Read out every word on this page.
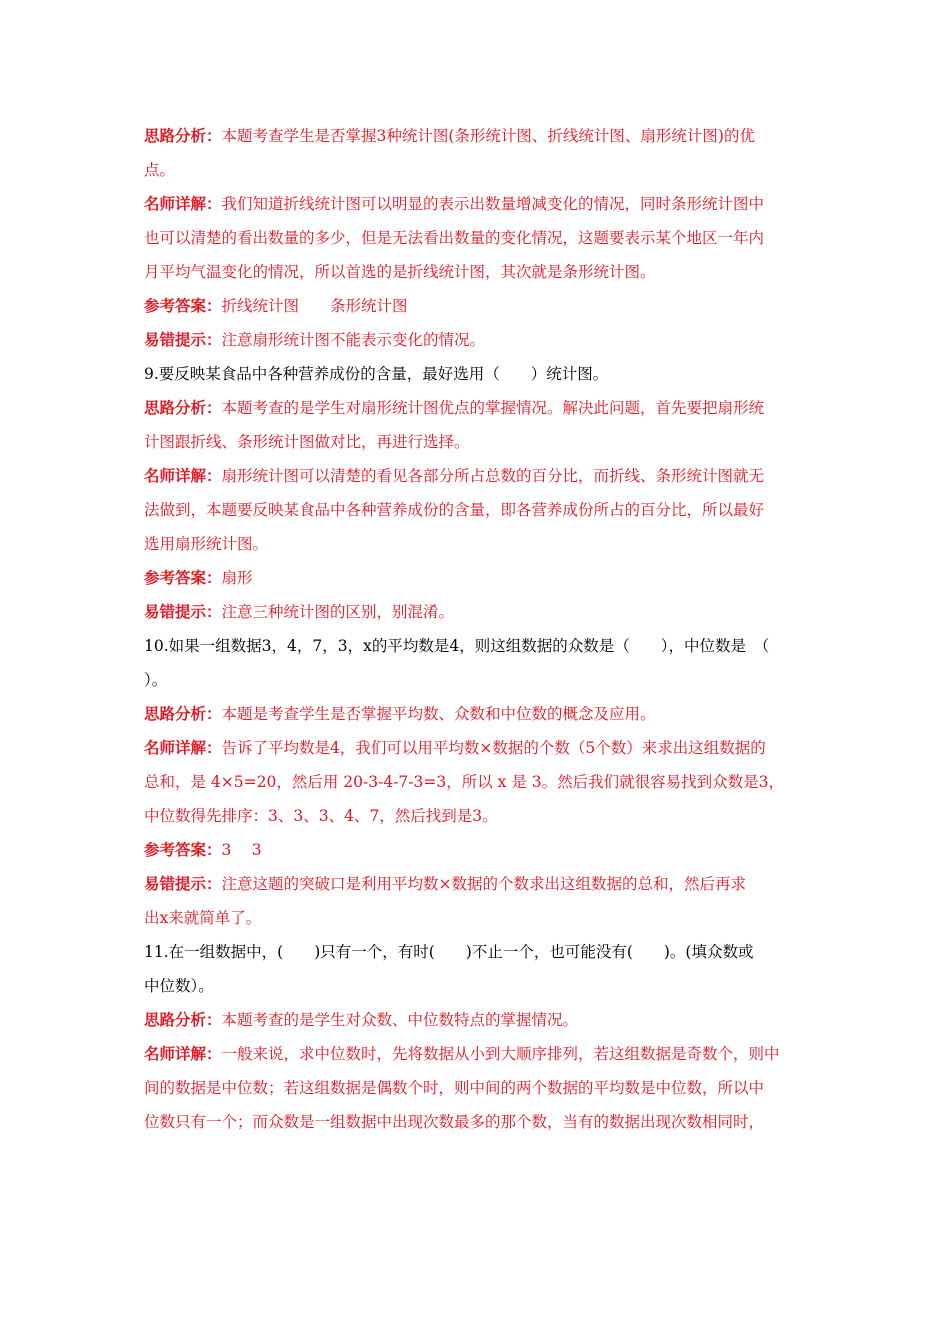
思路分析：本题考查学生是否掌握3种统计图(条形统计图、折线统计图、扇形统计图)的优

点。

名师详解：我们知道折线统计图可以明显的表示出数量增减变化的情况，同时条形统计图中

也可以清楚的看出数量的多少，但是无法看出数量的变化情况，这题要表示某个地区一年内

月平均气温变化的情况，所以首选的是折线统计图，其次就是条形统计图。

参考答案：折线统计图　　条形统计图

易错提示：注意扇形统计图不能表示变化的情况。

9.要反映某食品中各种营养成份的含量，最好选用（　　）统计图。

思路分析：本题考查的是学生对扇形统计图优点的掌握情况。解决此问题，首先要把扇形统

计图跟折线、条形统计图做对比，再进行选择。

名师详解：扇形统计图可以清楚的看见各部分所占总数的百分比，而折线、条形统计图就无

法做到，本题要反映某食品中各种营养成份的含量，即各营养成份所占的百分比，所以最好

选用扇形统计图。

参考答案：扇形

易错提示：注意三种统计图的区别，别混淆。

10.如果一组数据3，4，7，3，x的平均数是4，则这组数据的众数是（　　），中位数是　（

）。

思路分析：本题是考查学生是否掌握平均数、众数和中位数的概念及应用。

名师详解：告诉了平均数是4，我们可以用平均数×数据的个数（5个数）来求出这组数据的

总和，是 4×5=20，然后用 20-3-4-7-3=3，所以 x 是 3。然后我们就很容易找到众数是3，

中位数得先排序：3、3、3、4、7，然后找到是3。

参考答案：3　 3

易错提示：注意这题的突破口是利用平均数×数据的个数求出这组数据的总和，然后再求

出x来就简单了。

11.在一组数据中，(　　)只有一个，有时(　　)不止一个，也可能没有(　　)。(填众数或

中位数）。

思路分析：本题考查的是学生对众数、中位数特点的掌握情况。

名师详解：一般来说，求中位数时，先将数据从小到大顺序排列，若这组数据是奇数个，则中

间的数据是中位数；若这组数据是偶数个时，则中间的两个数据的平均数是中位数，所以中

位数只有一个；而众数是一组数据中出现次数最多的那个数，当有的数据出现次数相同时，
